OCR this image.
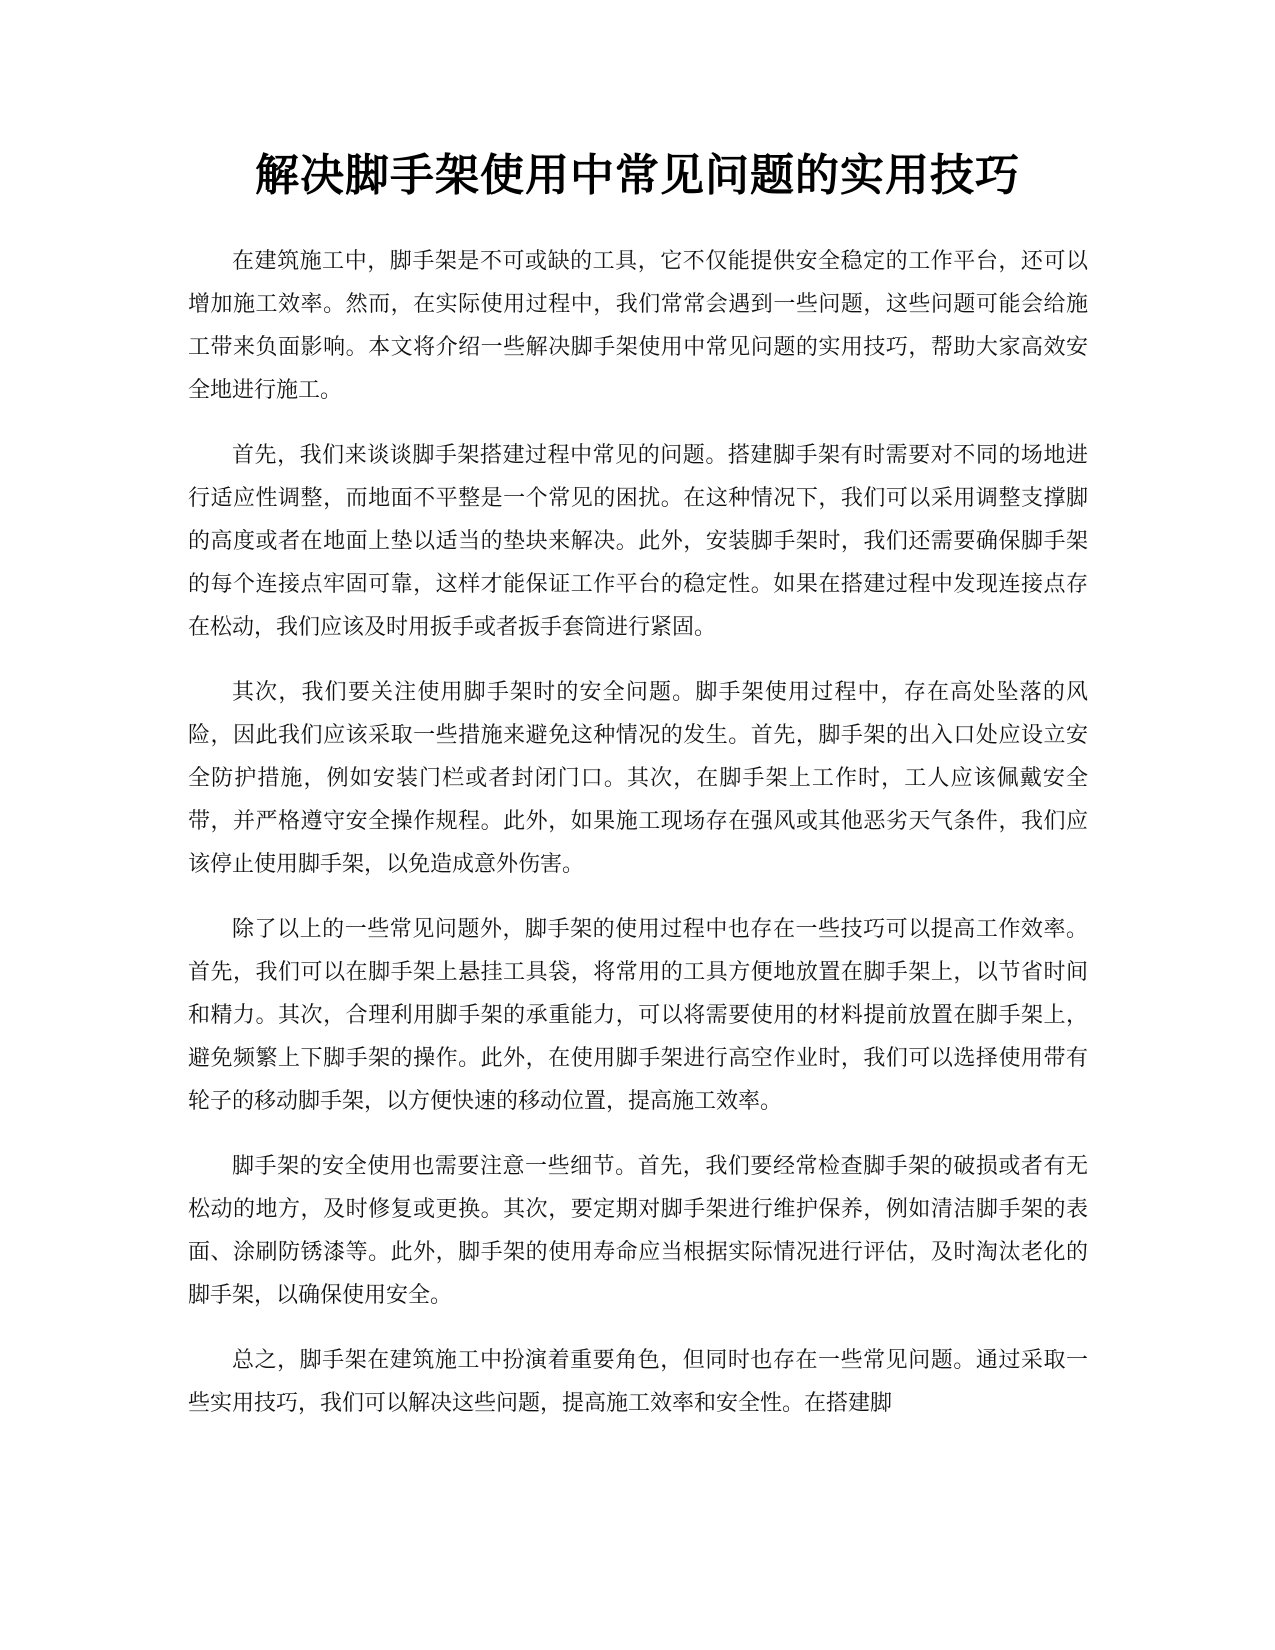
解决脚手架使用中常见问题的实用技巧

在建筑施工中，脚手架是不可或缺的工具，它不仅能提供安全稳定的工作平台，还可以增加施工效率。然而，在实际使用过程中，我们常常会遇到一些问题，这些问题可能会给施工带来负面影响。本文将介绍一些解决脚手架使用中常见问题的实用技巧，帮助大家高效安全地进行施工。

首先，我们来谈谈脚手架搭建过程中常见的问题。搭建脚手架有时需要对不同的场地进行适应性调整，而地面不平整是一个常见的困扰。在这种情况下，我们可以采用调整支撑脚的高度或者在地面上垫以适当的垫块来解决。此外，安装脚手架时，我们还需要确保脚手架的每个连接点牢固可靠，这样才能保证工作平台的稳定性。如果在搭建过程中发现连接点存在松动，我们应该及时用扳手或者扳手套筒进行紧固。

其次，我们要关注使用脚手架时的安全问题。脚手架使用过程中，存在高处坠落的风险，因此我们应该采取一些措施来避免这种情况的发生。首先，脚手架的出入口处应设立安全防护措施，例如安装门栏或者封闭门口。其次，在脚手架上工作时，工人应该佩戴安全带，并严格遵守安全操作规程。此外，如果施工现场存在强风或其他恶劣天气条件，我们应该停止使用脚手架，以免造成意外伤害。

除了以上的一些常见问题外，脚手架的使用过程中也存在一些技巧可以提高工作效率。首先，我们可以在脚手架上悬挂工具袋，将常用的工具方便地放置在脚手架上，以节省时间和精力。其次，合理利用脚手架的承重能力，可以将需要使用的材料提前放置在脚手架上，避免频繁上下脚手架的操作。此外，在使用脚手架进行高空作业时，我们可以选择使用带有轮子的移动脚手架，以方便快速的移动位置，提高施工效率。

脚手架的安全使用也需要注意一些细节。首先，我们要经常检查脚手架的破损或者有无松动的地方，及时修复或更换。其次，要定期对脚手架进行维护保养，例如清洁脚手架的表面、涂刷防锈漆等。此外，脚手架的使用寿命应当根据实际情况进行评估，及时淘汰老化的脚手架，以确保使用安全。

总之，脚手架在建筑施工中扮演着重要角色，但同时也存在一些常见问题。通过采取一些实用技巧，我们可以解决这些问题，提高施工效率和安全性。在搭建脚
